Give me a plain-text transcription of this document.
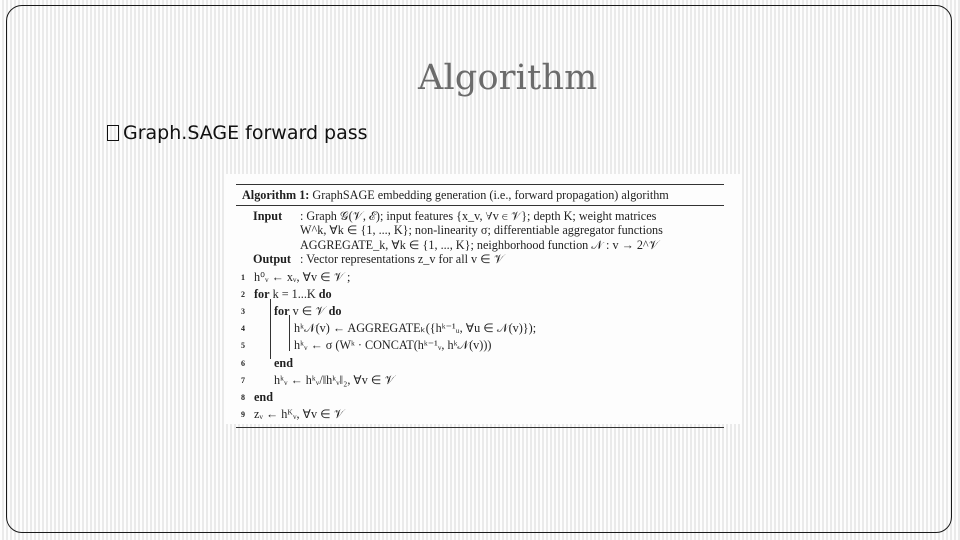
Algorithm
Graph.SAGE forward pass
Algorithm 1: GraphSAGE embedding generation (i.e., forward propagation) algorithm
Input	: Graph 𝒢(𝒱, ℰ); input features {x_v, ∀v ∈ 𝒱}; depth K; weight matrices
W^k, ∀k ∈ {1, ..., K}; non-linearity σ; differentiable aggregator functions
AGGREGATE_k, ∀k ∈ {1, ..., K}; neighborhood function 𝒩 : v → 2^𝒱
Output : Vector representations z_v for all v ∈ 𝒱
1 h⁰ᵥ ← xᵥ, ∀v ∈ 𝒱 ;
2 for k = 1...K do
3	for v ∈ 𝒱 do
4	hᵏ𝒩(v) ← AGGREGATEₖ({hᵏ⁻¹ᵤ, ∀u ∈ 𝒩(v)});
5	hᵏᵥ ← σ (Wᵏ · CONCAT(hᵏ⁻¹ᵥ, hᵏ𝒩(v)))
6	end
7	hᵏᵥ ← hᵏᵥ/‖hᵏᵥ‖₂, ∀v ∈ 𝒱
8 end
9 zᵥ ← hᴷᵥ, ∀v ∈ 𝒱
